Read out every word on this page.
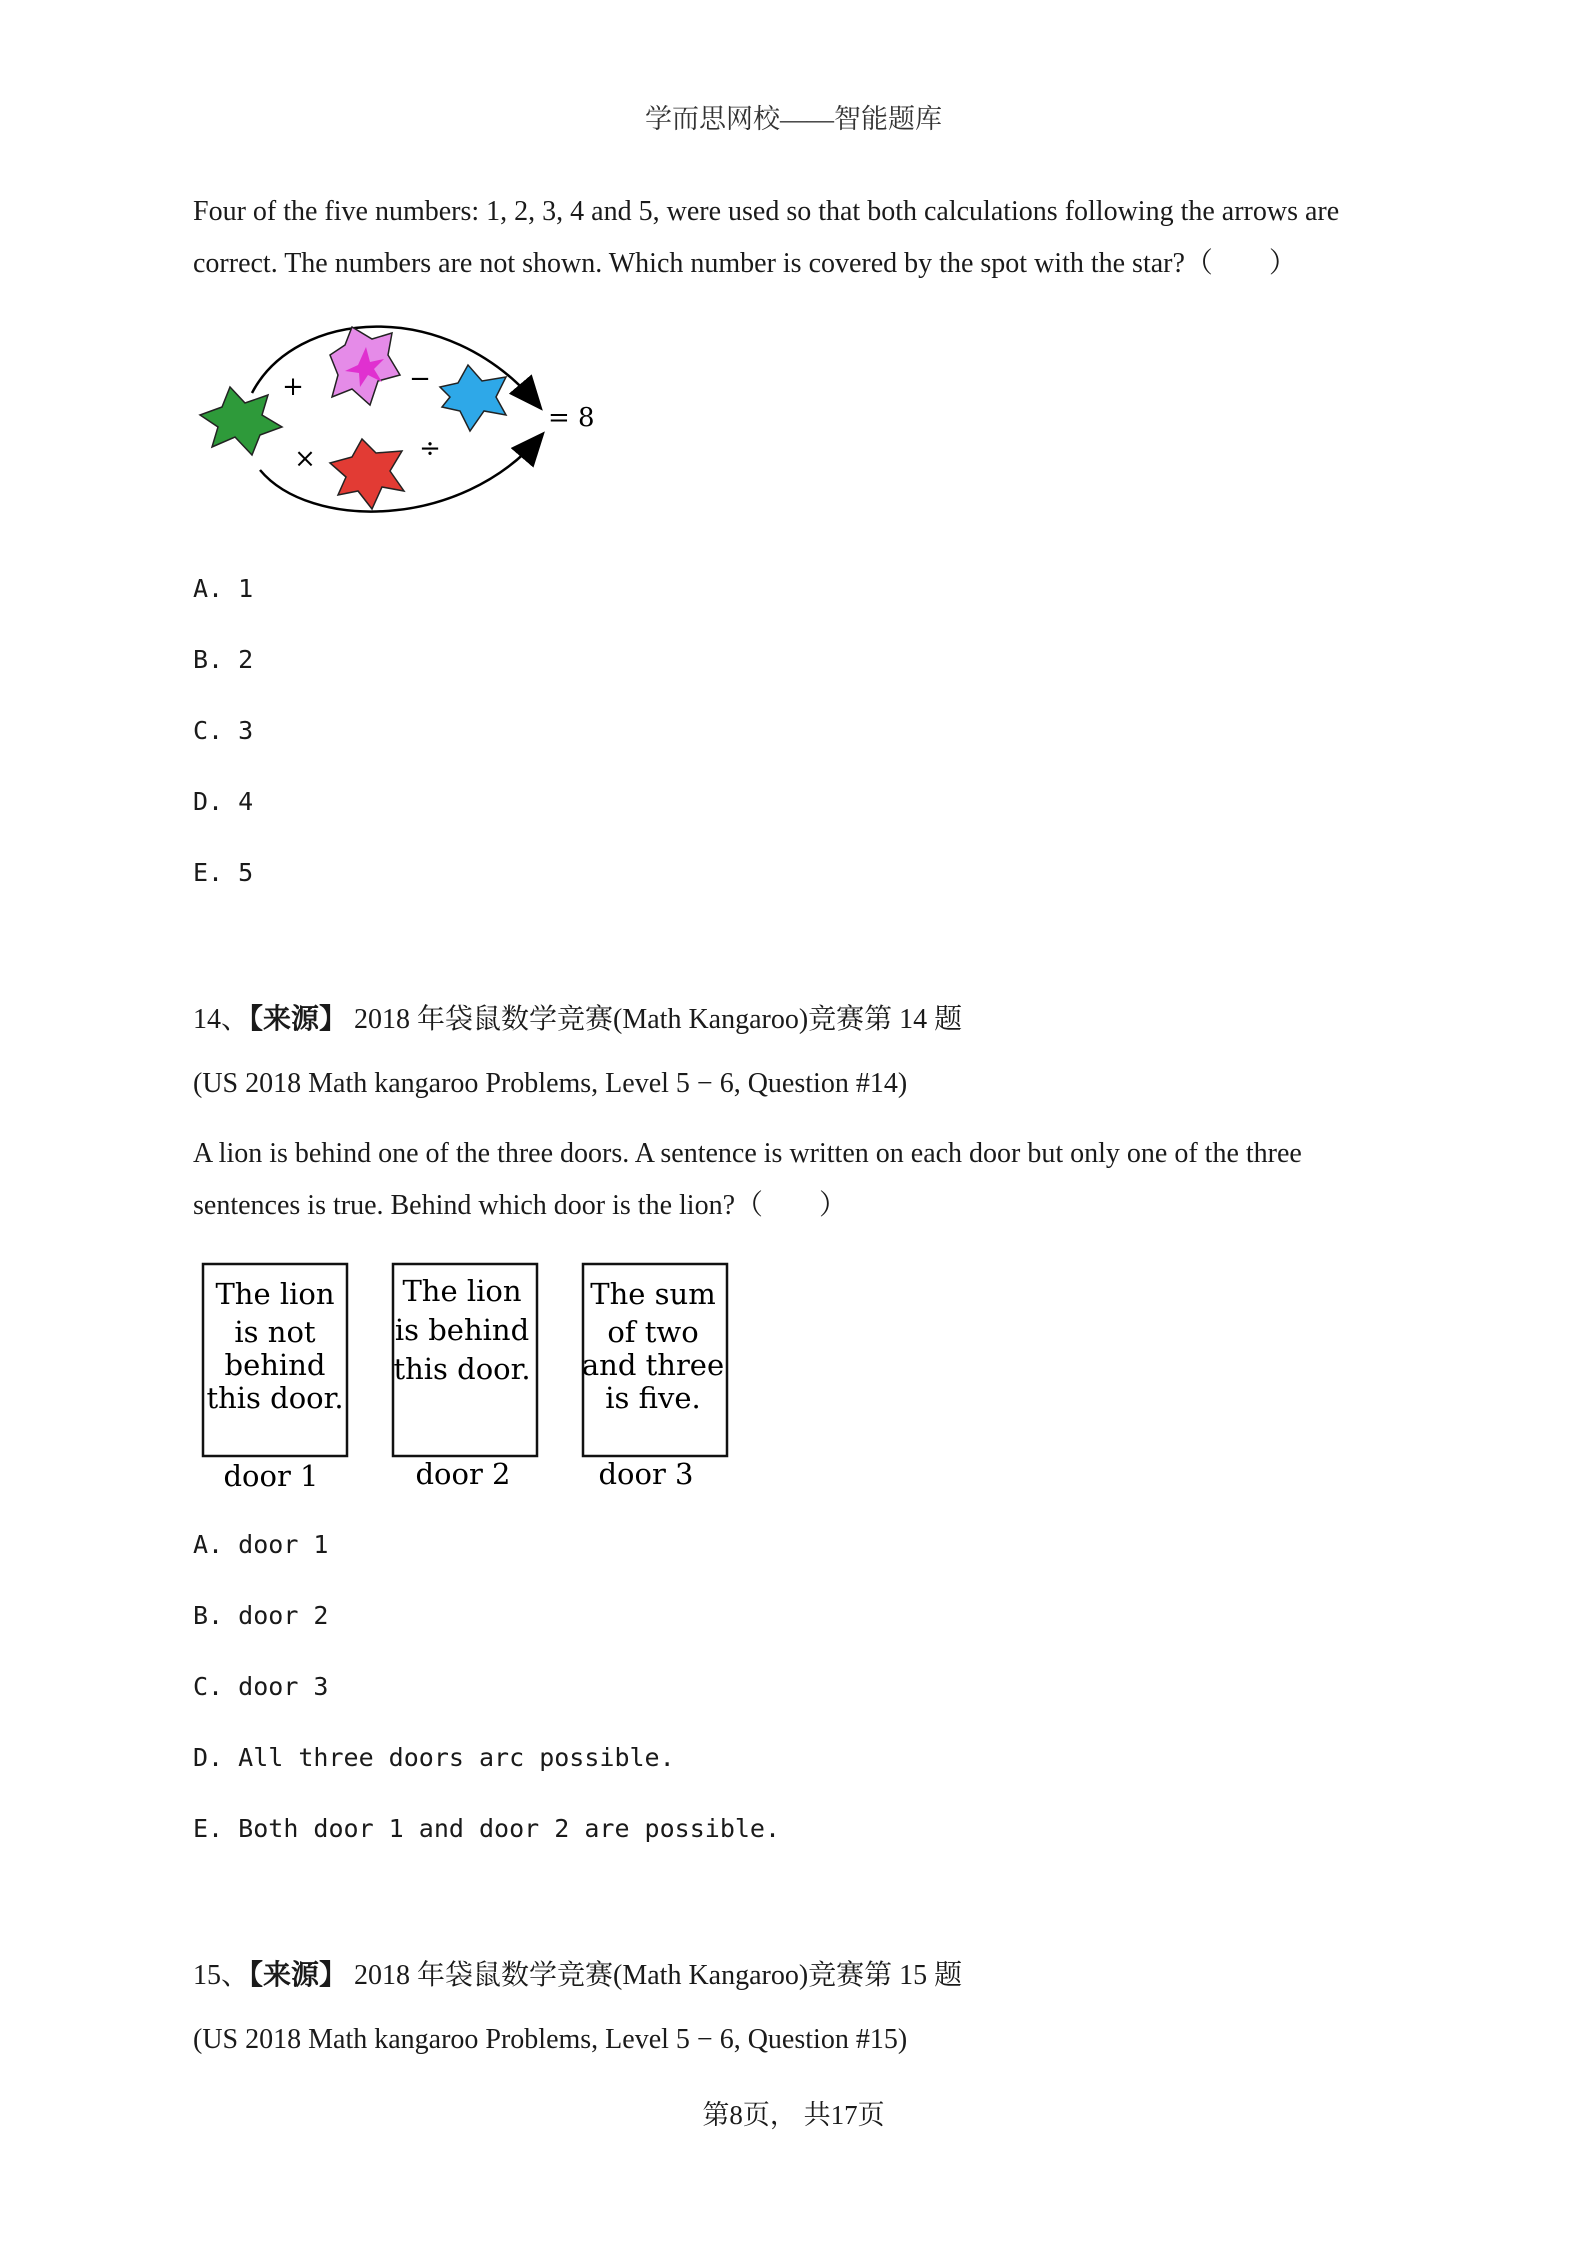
学而思网校——智能题库
Four of the five numbers: 1, 2, 3, 4 and 5, were used so that both calculations following the arrows are
correct. The numbers are not shown. Which number is covered by the spot with the star?（　　）
+	−
×	÷
= 8
A. 1
B. 2
C. 3
D. 4
E. 5
14、【来源】 2018 年袋鼠数学竞赛(Math Kangaroo)竞赛第 14 题
(US 2018 Math kangaroo Problems, Level 5 − 6, Question #14)
A lion is behind one of the three doors. A sentence is written on each door but only one of the three
sentences is true. Behind which door is the lion?（　　）
The lion
is not
behind
this door.
door 1
The lion
is behind
this door.
door 2
The sum
of two
and three
is five.
door 3
A. door 1
B. door 2
C. door 3
D. All three doors arc possible.
E. Both door 1 and door 2 are possible.
15、【来源】 2018 年袋鼠数学竞赛(Math Kangaroo)竞赛第 15 题
(US 2018 Math kangaroo Problems, Level 5 − 6, Question #15)
第8页， 共17页
